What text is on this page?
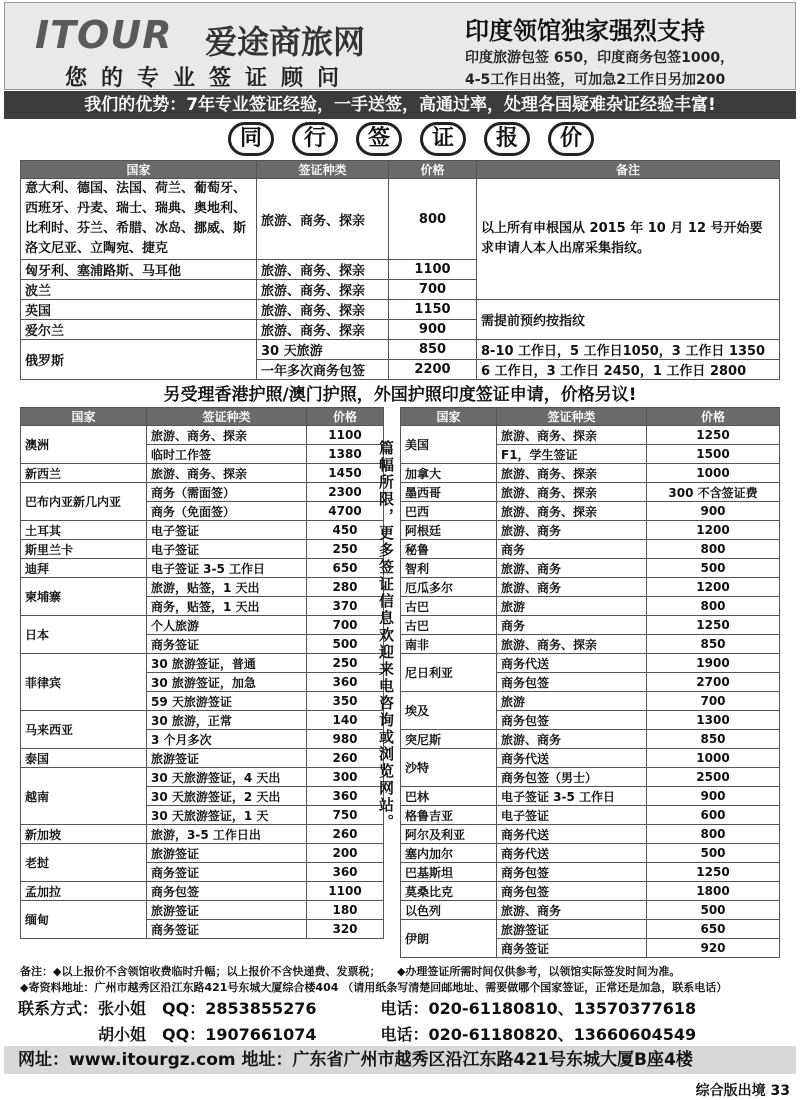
ITOUR 爱途商旅网
您的专业签证顾问
印度领馆独家强烈支持
印度旅游包签 650，印度商务包签1000，
4-5工作日出签，可加急2工作日另加200
我们的优势：7年专业签证经验，一手送签，高通过率，处理各国疑难杂证经验丰富!
同	行	签	证	报	价
国家	签证种类	价格	备注
意大利、德国、法国、荷兰、葡萄牙、西班牙、丹麦、瑞士、瑞典、奥地利、比利时、芬兰、希腊、冰岛、挪威、斯洛文尼亚、立陶宛、捷克	旅游、商务、探亲	800	以上所有申根国从 2015 年 10 月 12 号开始要求申请人本人出席采集指纹。
匈牙利、塞浦路斯、马耳他	旅游、商务、探亲	1100	
波兰	旅游、商务、探亲	700	
英国	旅游、商务、探亲	1150	需提前预约按指纹
爱尔兰	旅游、商务、探亲	900	
俄罗斯	30 天旅游	850	8-10 工作日，5 工作日1050，3 工作日 1350
	一年多次商务包签	2200	6 工作日，3 工作日 2450，1 工作日 2800
另受理香港护照/澳门护照，外国护照印度签证申请，价格另议!
国家	签证种类	价格
澳洲	旅游、商务、探亲	1100
	临时工作签	1380
新西兰	旅游、商务、探亲	1450
巴布内亚新几内亚	商务（需面签）	2300
	商务（免面签）	4700
土耳其	电子签证	450
斯里兰卡	电子签证	250
迪拜	电子签证 3-5 工作日	650
柬埔寨	旅游，贴签，1 天出	280
	商务，贴签，1 天出	370
日本	个人旅游	700
	商务签证	500
菲律宾	30 旅游签证，普通	250
	30 旅游签证，加急	360
	59 天旅游签证	350
马来西亚	30 旅游，正常	140
	3 个月多次	980
泰国	旅游签证	260
越南	30 天旅游签证，4 天出	300
	30 天旅游签证，2 天出	360
	30 天旅游签证，1 天	750
新加坡	旅游，3-5 工作日出	260
老挝	旅游签证	200
	商务签证	360
孟加拉	商务包签	1100
缅甸	旅游签证	180
	商务签证	320
篇幅所限，更多签证信息欢迎来电咨询或浏览网站。
国家	签证种类	价格
美国	旅游、商务、探亲	1250
	F1，学生签证	1500
加拿大	旅游、商务、探亲	1000
墨西哥	旅游、商务、探亲	300 不含签证费
巴西	旅游、商务、探亲	900
阿根廷	旅游、商务	1200
秘鲁	商务	800
智利	旅游、商务	500
厄瓜多尔	旅游、商务	1200
古巴	旅游	800
古巴	商务	1250
南非	旅游、商务、探亲	850
尼日利亚	商务代送	1900
	商务包签	2700
埃及	旅游	700
	商务包签	1300
突尼斯	旅游、商务	850
沙特	商务代送	1000
	商务包签（男士）	2500
巴林	电子签证 3-5 工作日	900
格鲁吉亚	电子签证	600
阿尔及利亚	商务代送	800
塞内加尔	商务代送	500
巴基斯坦	商务包签	1250
莫桑比克	商务包签	1800
以色列	旅游、商务	500
伊朗	旅游签证	650
	商务签证	920
备注：◆以上报价不含领馆收费临时升幅；以上报价不含快递费、发票税；　　◆办理签证所需时间仅供参考，以领馆实际签发时间为准。
◆寄资料地址：广州市越秀区沿江东路421号东城大厦综合楼404 （请用纸条写清楚回邮地址、需要做哪个国家签证，正常还是加急，联系电话）
联系方式：张小姐　QQ：2853855276　　　　电话：020-61180810、13570377618
　　　　　胡小姐　QQ：1907661074　　　　电话：020-61180820、13660604549
网址：www.itourgz.com 地址：广东省广州市越秀区沿江东路421号东城大厦B座4楼
综合版出境 33
